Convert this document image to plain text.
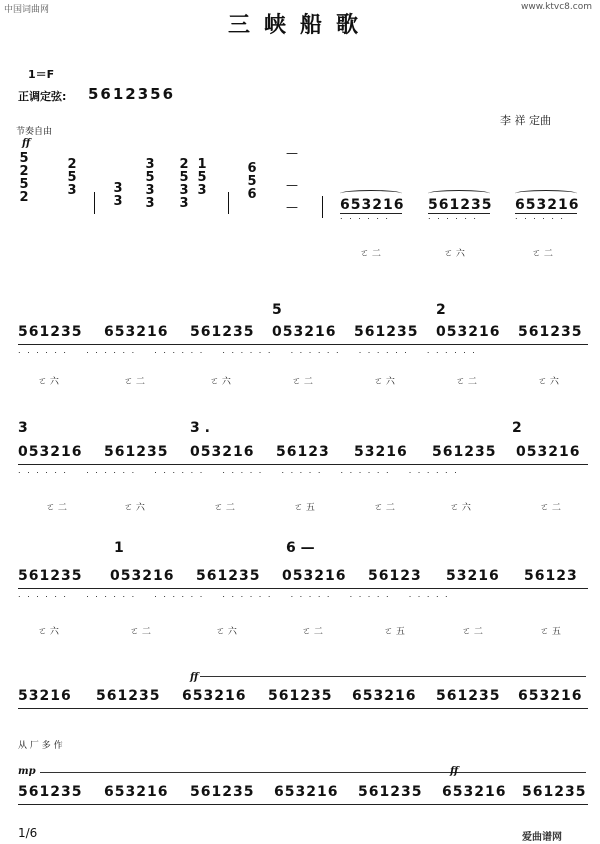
中国词曲网	www.ktvc8.com
三峡船歌
1＝F
正调定弦: 5612356
李 祥 定曲
节奏自由
ff
5
2
5
2
2
5
3	3
3
3
5
3
3
2
5
3
3
1
5
3
6
5
6
—
—
—	653216
. . . . . .
ㄛ 二
561235
. . . . . .
ㄛ 六
653216
. . . . . .
ㄛ 二
5	2
561235 653216 561235 053216 561235 053216 561235
. . . . . .    . . . . . .    . . . . . .    . . . . . .    . . . . . .    . . . . . .    . . . . . .
ㄛ 六	ㄛ 二	ㄛ 六	ㄛ 二	ㄛ 六	ㄛ 二	ㄛ 六
3	3 .	2
053216 561235 053216 56123 53216 561235 053216
. . . . . .    . . . . . .    . . . . . .    . . . . .    . . . . .    . . . . . .    . . . . . .
ㄛ 二	ㄛ 六	ㄛ 二	ㄛ 五	ㄛ 二	ㄛ 六	ㄛ 二
1	6 —
561235 053216 561235 053216 56123 53216 56123
. . . . . .    . . . . . .    . . . . . .    . . . . . .    . . . . .    . . . . .    . . . . .
ㄛ 六	ㄛ 二	ㄛ 六	ㄛ 二	ㄛ 五	ㄛ 二	ㄛ 五
ff
53216 561235 653216 561235 653216 561235 653216
从 厂 多 作
mp	ff
561235 653216 561235 653216 561235 653216 561235
1/6	爱曲谱网
